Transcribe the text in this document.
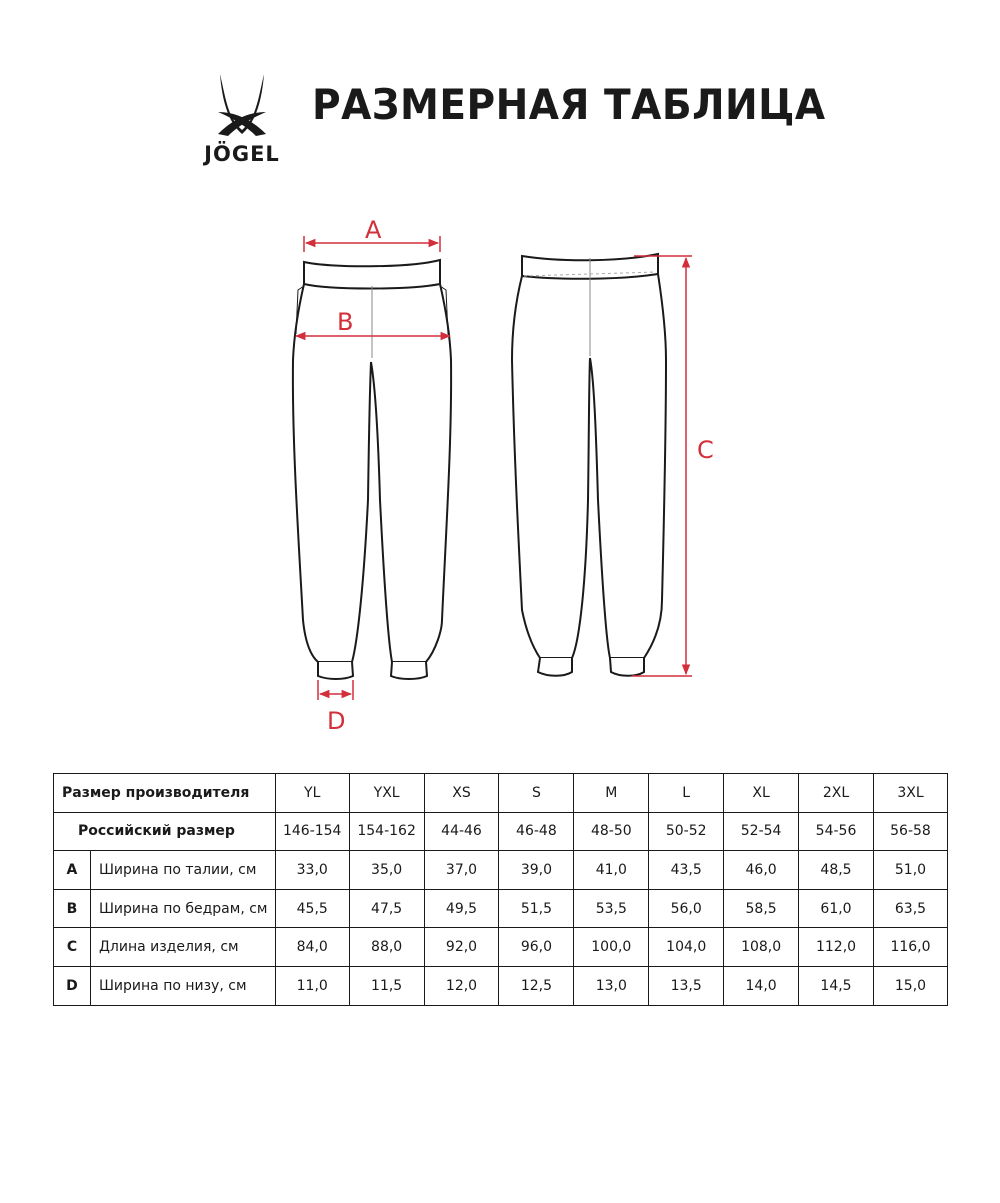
JÖGEL
РАЗМЕРНАЯ ТАБЛИЦА
A
B
C
D
Размер производителя		YL	YXL	XS	S	M	L	XL	2XL	3XL
Российский размер		146-154	154-162	44-46	46-48	48-50	50-52	52-54	54-56	56-58
A	Ширина по талии, см	33,0	35,0	37,0	39,0	41,0	43,5	46,0	48,5	51,0
B	Ширина по бедрам, см	45,5	47,5	49,5	51,5	53,5	56,0	58,5	61,0	63,5
C	Длина изделия, см	84,0	88,0	92,0	96,0	100,0	104,0	108,0	112,0	116,0
D	Ширина по низу, см	11,0	11,5	12,0	12,5	13,0	13,5	14,0	14,5	15,0
